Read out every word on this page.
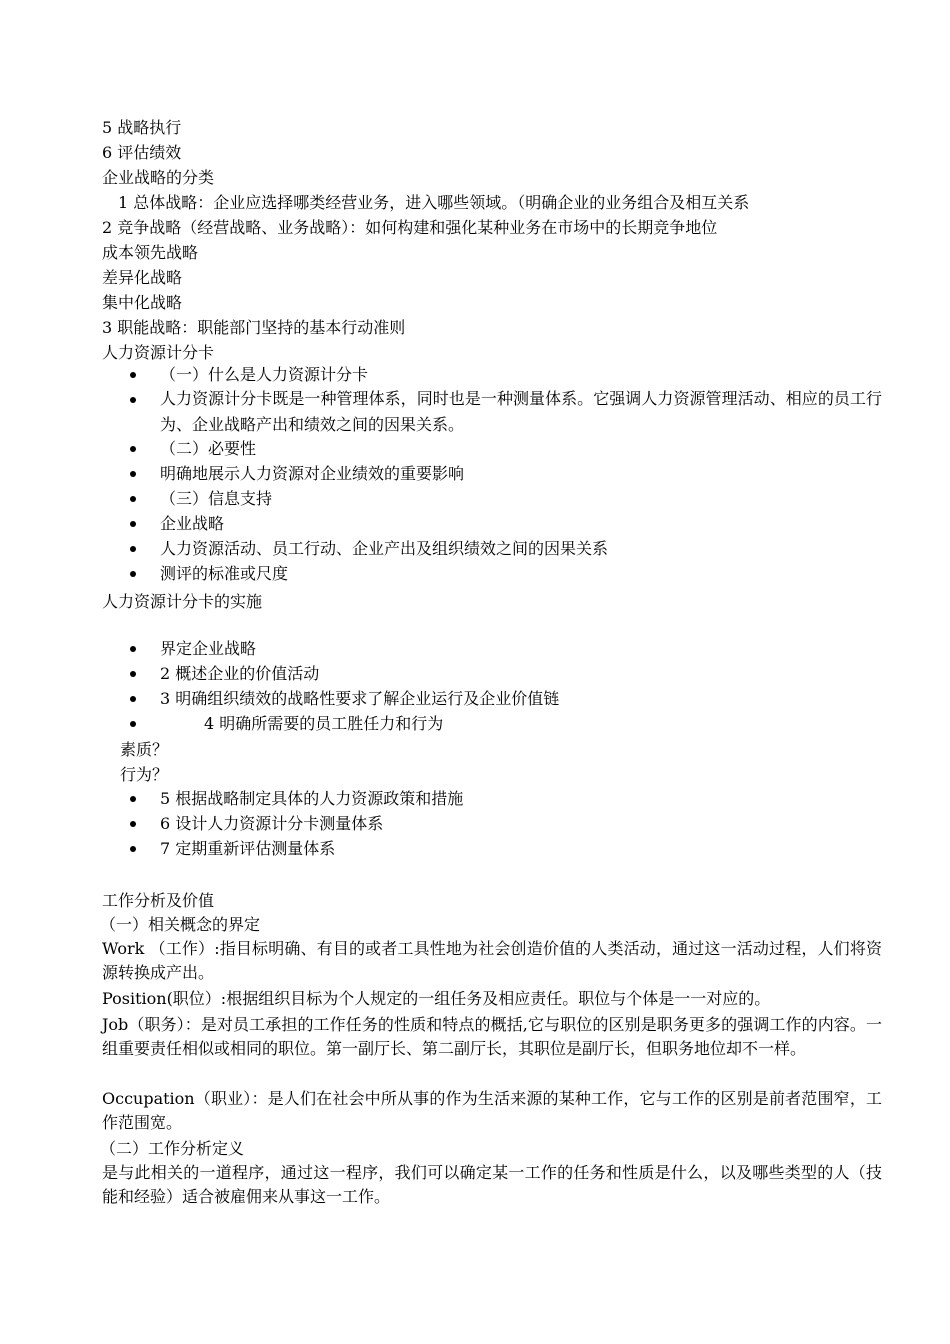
5 战略执行
6 评估绩效
企业战略的分类
1 总体战略：企业应选择哪类经营业务，进入哪些领域。（明确企业的业务组合及相互关系
2 竞争战略（经营战略、业务战略）：如何构建和强化某种业务在市场中的长期竞争地位
成本领先战略
差异化战略
集中化战略
3 职能战略：职能部门坚持的基本行动准则
人力资源计分卡
（一）什么是人力资源计分卡
人力资源计分卡既是一种管理体系，同时也是一种测量体系。它强调人力资源管理活动、相应的员工行为、企业战略产出和绩效之间的因果关系。
（二）必要性
明确地展示人力资源对企业绩效的重要影响
（三）信息支持
企业战略
人力资源活动、员工行动、企业产出及组织绩效之间的因果关系
测评的标准或尺度
人力资源计分卡的实施
界定企业战略
2 概述企业的价值活动
3 明确组织绩效的战略性要求了解企业运行及企业价值链
4 明确所需要的员工胜任力和行为
素质？
行为？
5 根据战略制定具体的人力资源政策和措施
6 设计人力资源计分卡测量体系
7 定期重新评估测量体系
工作分析及价值
（一）相关概念的界定
Work （工作）:指目标明确、有目的或者工具性地为社会创造价值的人类活动，通过这一活动过程，人们将资源转换成产出。
Position(职位）:根据组织目标为个人规定的一组任务及相应责任。职位与个体是一一对应的。
Job（职务）：是对员工承担的工作任务的性质和特点的概括,它与职位的区别是职务更多的强调工作的内容。一组重要责任相似或相同的职位。第一副厅长、第二副厅长，其职位是副厅长，但职务地位却不一样。
Occupation（职业）：是人们在社会中所从事的作为生活来源的某种工作，它与工作的区别是前者范围窄，工作范围宽。
（二）工作分析定义
是与此相关的一道程序，通过这一程序，我们可以确定某一工作的任务和性质是什么，以及哪些类型的人（技能和经验）适合被雇佣来从事这一工作。
